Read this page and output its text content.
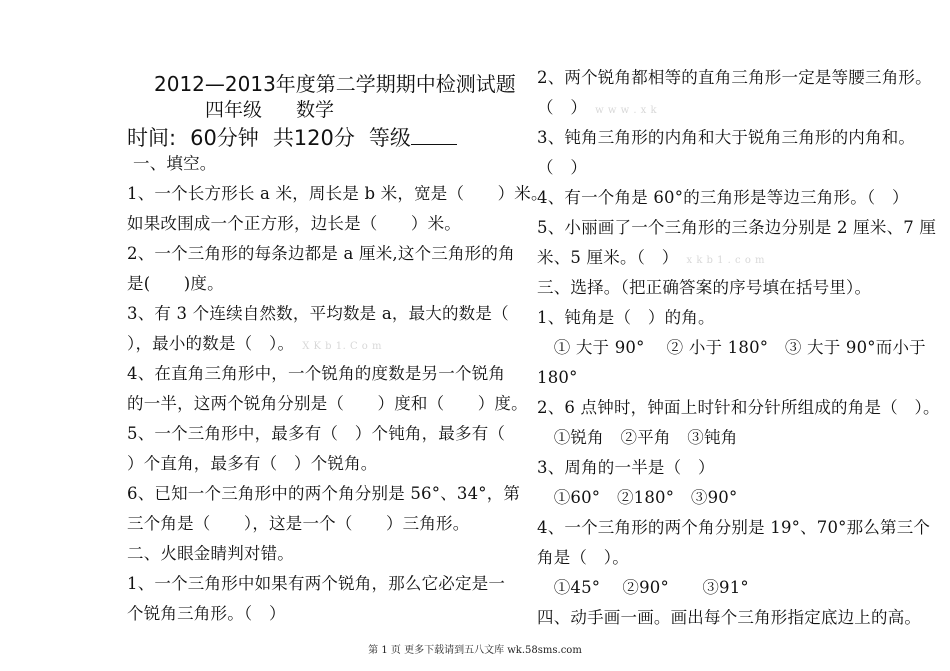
2012—2013年度第二学期期中检测试题
四年级 数学
时间: 60分钟 共120分 等级
一、填空。
1、一个长方形长 a 米，周长是 b 米，宽是（　　）米。
如果改围成一个正方形，边长是（　　）米。
2、一个三角形的每条边都是 a 厘米,这个三角形的角
是(　　)度。
3、有 3 个连续自然数，平均数是 a，最大的数是（
），最小的数是（　）。 X K b 1. C o m
4、在直角三角形中，一个锐角的度数是另一个锐角
的一半，这两个锐角分别是（　　）度和（　　）度。
5、一个三角形中，最多有（　）个钝角，最多有（
）个直角，最多有（　）个锐角。
6、已知一个三角形中的两个角分别是 56°、34°，第
三个角是（　　），这是一个（　　）三角形。
二、火眼金睛判对错。
1、一个三角形中如果有两个锐角，那么它必定是一
个锐角三角形。（　）
2、两个锐角都相等的直角三角形一定是等腰三角形。
（　） w w w . x k
3、钝角三角形的内角和大于锐角三角形的内角和。
（　）
4、有一个角是 60°的三角形是等边三角形。（　）
5、小丽画了一个三角形的三条边分别是 2 厘米、7 厘
米、5 厘米。（　） x k b 1 . c o m
三、选择。（把正确答案的序号填在括号里）。
1、钝角是（　）的角。
　① 大于 90°　 ② 小于 180°　③ 大于 90°而小于
180°
2、6 点钟时，钟面上时针和分针所组成的角是（　）。
　①锐角　②平角　③钝角
3、周角的一半是（　）
　①60°　②180°　③90°
4、一个三角形的两个角分别是 19°、70°那么第三个
角是（　）。
　①45°　 ②90°　　③91°
四、动手画一画。画出每个三角形指定底边上的高。
第 1 页 更多下载请到五八文库 wk.58sms.com
